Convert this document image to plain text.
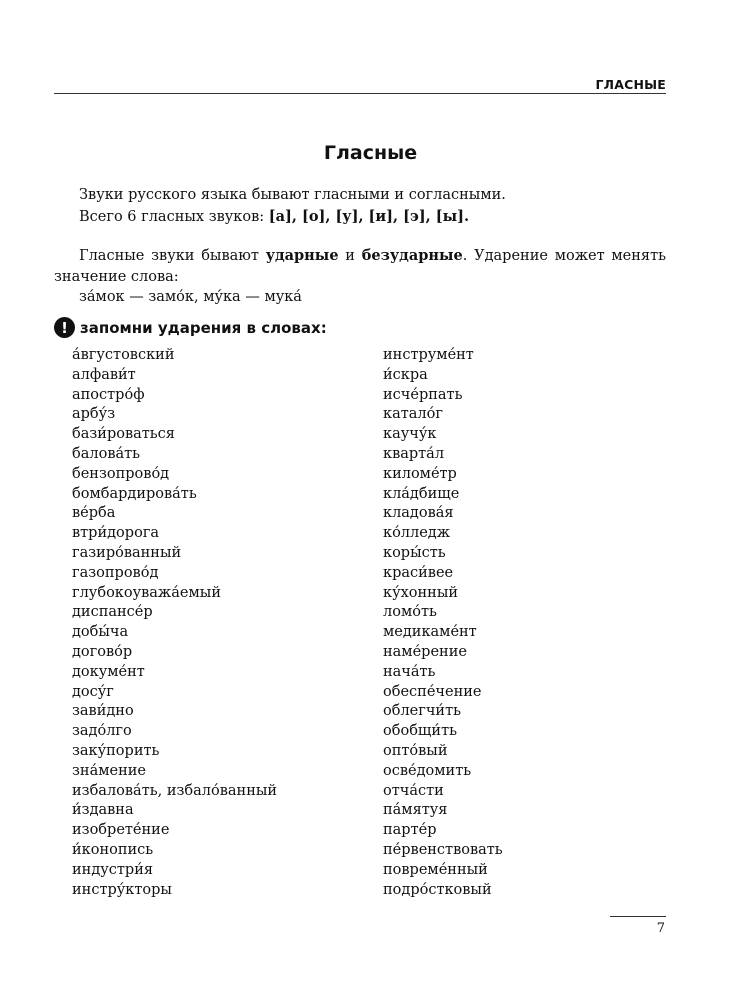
ГЛАСНЫЕ
Гласные
Звуки русского языка бывают гласными и согласными.
Всего 6 гласных звуков: [а], [о], [у], [и], [э], [ы].
Гласные звуки бывают ударные и безударные. Ударение может менять значение слова:
за́мок — замо́к, му́ка — мука́
! запомни ударения в словах:
а́вгустовский
алфави́т
апостро́ф
арбу́з
бази́роваться
балова́ть
бензопрово́д
бомбардирова́ть
ве́рба
втри́дорога
газиро́ванный
газопрово́д
глубокоуважа́емый
диспансе́р
добы́ча
догово́р
докуме́нт
досу́г
зави́дно
задо́лго
заку́порить
зна́мение
избалова́ть, избало́ванный
и́здавна
изобрете́ние
и́конопись
индустри́я
инстру́кторы
инструме́нт
и́скра
исче́рпать
катало́г
каучу́к
кварта́л
киломе́тр
кла́дбище
кладова́я
ко́лледж
коры́сть
краси́вее
ку́хонный
ломо́ть
медикаме́нт
наме́рение
нача́ть
обеспе́чение
облегчи́ть
обобщи́ть
опто́вый
осве́домить
отча́сти
па́мятуя
парте́р
пе́рвенствовать
повреме́нный
подро́стковый
7
